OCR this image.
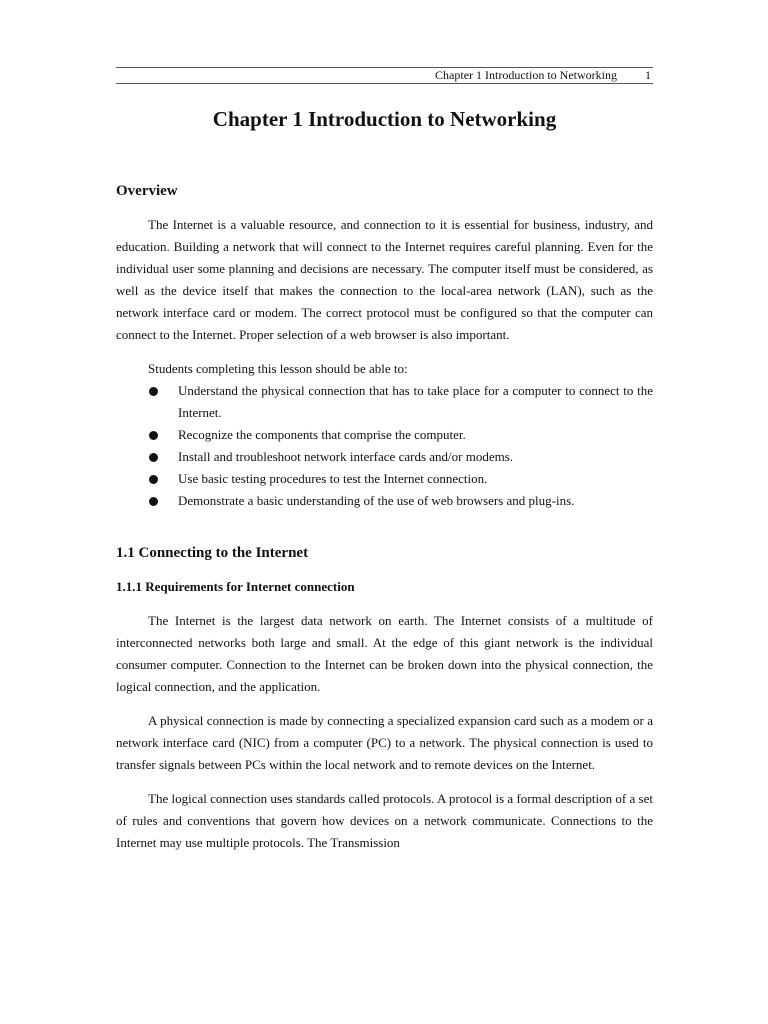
Chapter 1 Introduction to Networking 1
Chapter 1 Introduction to Networking
Overview

The Internet is a valuable resource, and connection to it is essential for business, industry, and education. Building a network that will connect to the Internet requires careful planning. Even for the individual user some planning and decisions are necessary. The computer itself must be considered, as well as the device itself that makes the connection to the local-area network (LAN), such as the network interface card or modem. The correct protocol must be configured so that the computer can connect to the Internet. Proper selection of a web browser is also important.

Students completing this lesson should be able to:
Understand the physical connection that has to take place for a computer to connect to the Internet.
Recognize the components that comprise the computer.
Install and troubleshoot network interface cards and/or modems.
Use basic testing procedures to test the Internet connection.
Demonstrate a basic understanding of the use of web browsers and plug-ins.
1.1 Connecting to the Internet
1.1.1 Requirements for Internet connection

The Internet is the largest data network on earth. The Internet consists of a multitude of interconnected networks both large and small. At the edge of this giant network is the individual consumer computer. Connection to the Internet can be broken down into the physical connection, the logical connection, and the application.

A physical connection is made by connecting a specialized expansion card such as a modem or a network interface card (NIC) from a computer (PC) to a network. The physical connection is used to transfer signals between PCs within the local network and to remote devices on the Internet.

The logical connection uses standards called protocols. A protocol is a formal description of a set of rules and conventions that govern how devices on a network communicate. Connections to the Internet may use multiple protocols. The Transmission
